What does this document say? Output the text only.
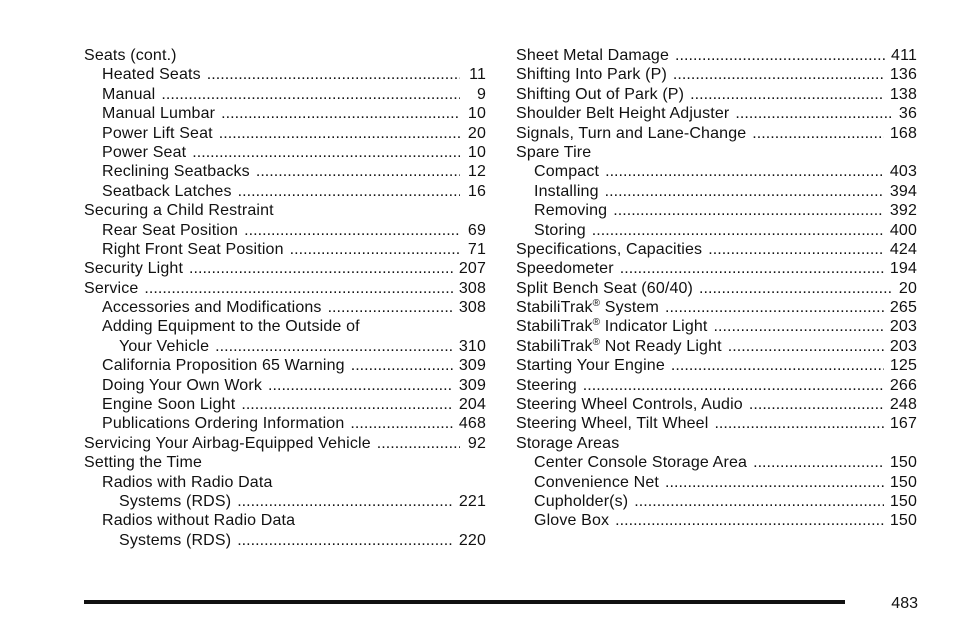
Seats (cont.)
Heated Seats . . .	11
Manual . . .	9
Manual Lumbar . . .	10
Power Lift Seat . . .	20
Power Seat . . .	10
Reclining Seatbacks . . .	12
Seatback Latches . . .	16
Securing a Child Restraint
Rear Seat Position . . .	69
Right Front Seat Position . . .	71
Security Light . . .	207
Service . . .	308
Accessories and Modifications . . .	308
Adding Equipment to the Outside of
Your Vehicle . . .	310
California Proposition 65 Warning . . .	309
Doing Your Own Work . . .	309
Engine Soon Light . . .	204
Publications Ordering Information . . .	468
Servicing Your Airbag-Equipped Vehicle . . .	92
Setting the Time
Radios with Radio Data
Systems (RDS) . . .	221
Radios without Radio Data
Systems (RDS) . . .	220
Sheet Metal Damage . . .	411
Shifting Into Park (P) . . .	136
Shifting Out of Park (P) . . .	138
Shoulder Belt Height Adjuster . . .	36
Signals, Turn and Lane-Change . . .	168
Spare Tire
Compact . . .	403
Installing . . .	394
Removing . . .	392
Storing . . .	400
Specifications, Capacities . . .	424
Speedometer . . .	194
Split Bench Seat (60/40) . . .	20
StabiliTrak® System . . .	265
StabiliTrak® Indicator Light . . .	203
StabiliTrak® Not Ready Light . . .	203
Starting Your Engine . . .	125
Steering . . .	266
Steering Wheel Controls, Audio . . .	248
Steering Wheel, Tilt Wheel . . .	167
Storage Areas
Center Console Storage Area . . .	150
Convenience Net . . .	150
Cupholder(s) . . .	150
Glove Box . . .	150
483
